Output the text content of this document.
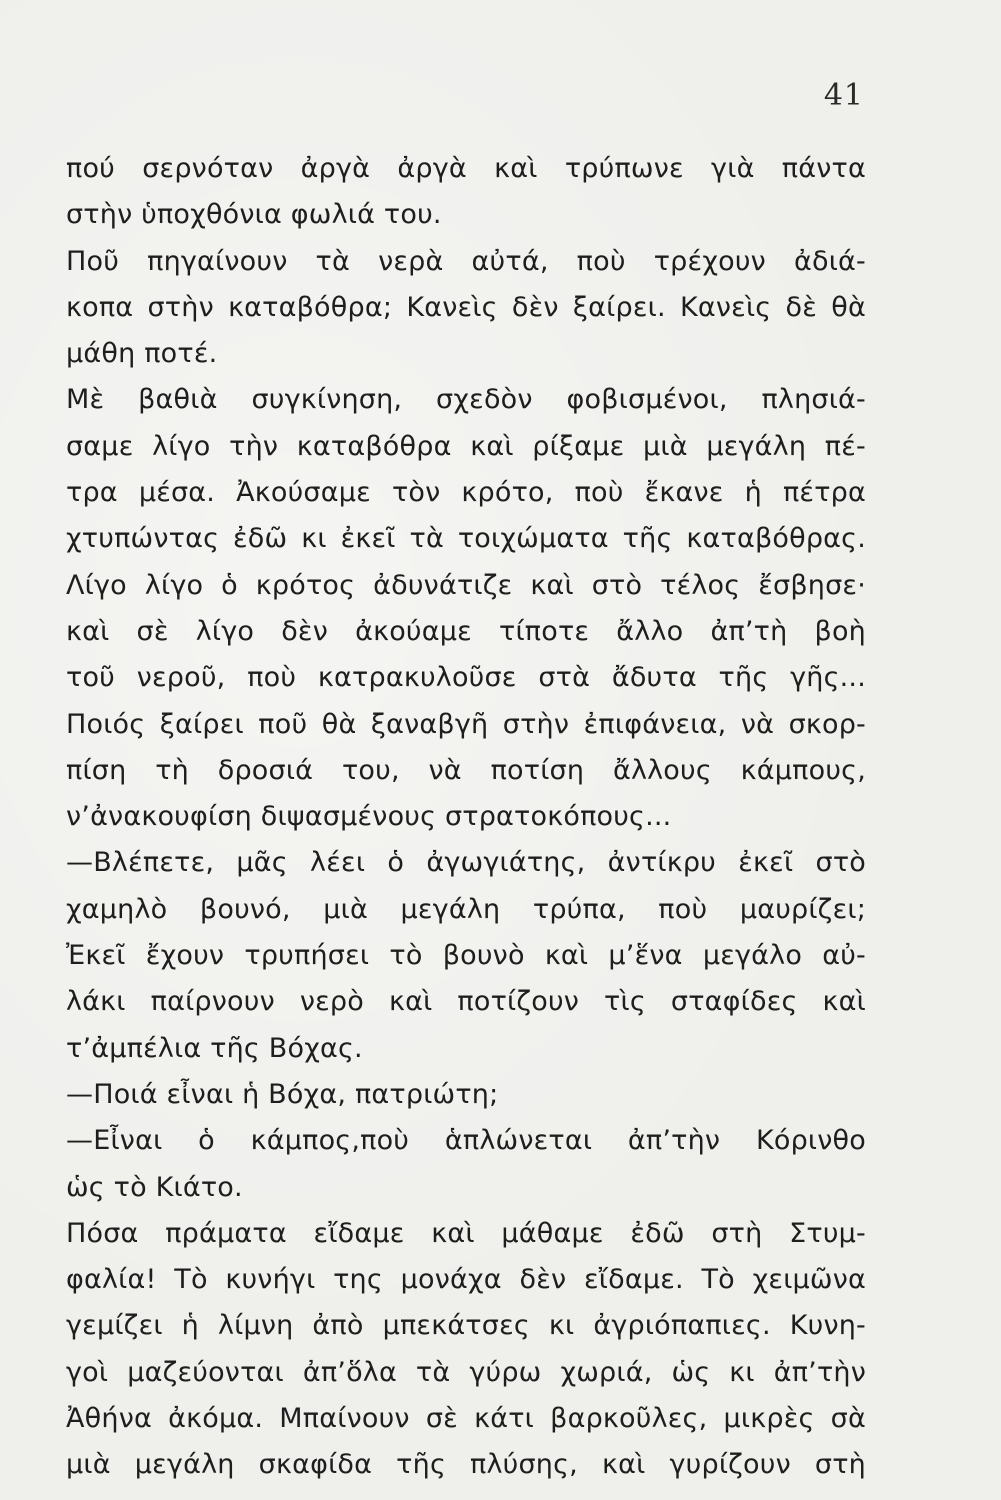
41
πού σερνόταν ἀργὰ ἀργὰ καὶ τρύπωνε γιὰ πάντα
στὴν ὑποχθόνια φωλιά του.
Ποῦ πηγαίνουν τὰ νερὰ αὐτά, ποὺ τρέχουν ἀδιά-
κοπα στὴν καταβόθρα; Κανεὶς δὲν ξαίρει. Κανεὶς δὲ θὰ
μάθη ποτέ.
Μὲ βαθιὰ συγκίνηση, σχεδὸν φοβισμένοι, πλησιά-
σαμε λίγο τὴν καταβόθρα καὶ ρίξαμε μιὰ μεγάλη πέ-
τρα μέσα. Ἀκούσαμε τὸν κρότο, ποὺ ἔκανε ἡ πέτρα
χτυπώντας ἐδῶ κι ἐκεῖ τὰ τοιχώματα τῆς καταβόθρας.
Λίγο λίγο ὁ κρότος ἀδυνάτιζε καὶ στὸ τέλος ἔσβησε·
καὶ σὲ λίγο δὲν ἀκούαμε τίποτε ἄλλο ἀπ’τὴ βοὴ
τοῦ νεροῦ, ποὺ κατρακυλοῦσε στὰ ἄδυτα τῆς γῆς...
Ποιός ξαίρει ποῦ θὰ ξαναβγῆ στὴν ἐπιφάνεια, νὰ σκορ-
πίση τὴ δροσιά του, νὰ ποτίση ἄλλους κάμπους,
ν’ἀνακουφίση διψασμένους στρατοκόπους...
—Βλέπετε, μᾶς λέει ὁ ἀγωγιάτης, ἀντίκρυ ἐκεῖ στὸ
χαμηλὸ βουνό, μιὰ μεγάλη τρύπα, ποὺ μαυρίζει;
Ἐκεῖ ἔχουν τρυπήσει τὸ βουνὸ καὶ μ’ἕνα μεγάλο αὐ-
λάκι παίρνουν νερὸ καὶ ποτίζουν τὶς σταφίδες καὶ
τ’ἀμπέλια τῆς Βόχας.
—Ποιά εἶναι ἡ Βόχα, πατριώτη;
—Εἶναι ὁ κάμπος,ποὺ ἁπλώνεται ἀπ’τὴν Κόρινθο
ὡς τὸ Κιάτο.
Πόσα πράματα εἴδαμε καὶ μάθαμε ἐδῶ στὴ Στυμ-
φαλία! Τὸ κυνήγι της μονάχα δὲν εἴδαμε. Τὸ χειμῶνα
γεμίζει ἡ λίμνη ἀπὸ μπεκάτσες κι ἀγριόπαπιες. Κυνη-
γοὶ μαζεύονται ἀπ’ὅλα τὰ γύρω χωριά, ὡς κι ἀπ’τὴν
Ἀθήνα ἀκόμα. Μπαίνουν σὲ κάτι βαρκοῦλες, μικρὲς σὰ
μιὰ μεγάλη σκαφίδα τῆς πλύσης, καὶ γυρίζουν στὴ
